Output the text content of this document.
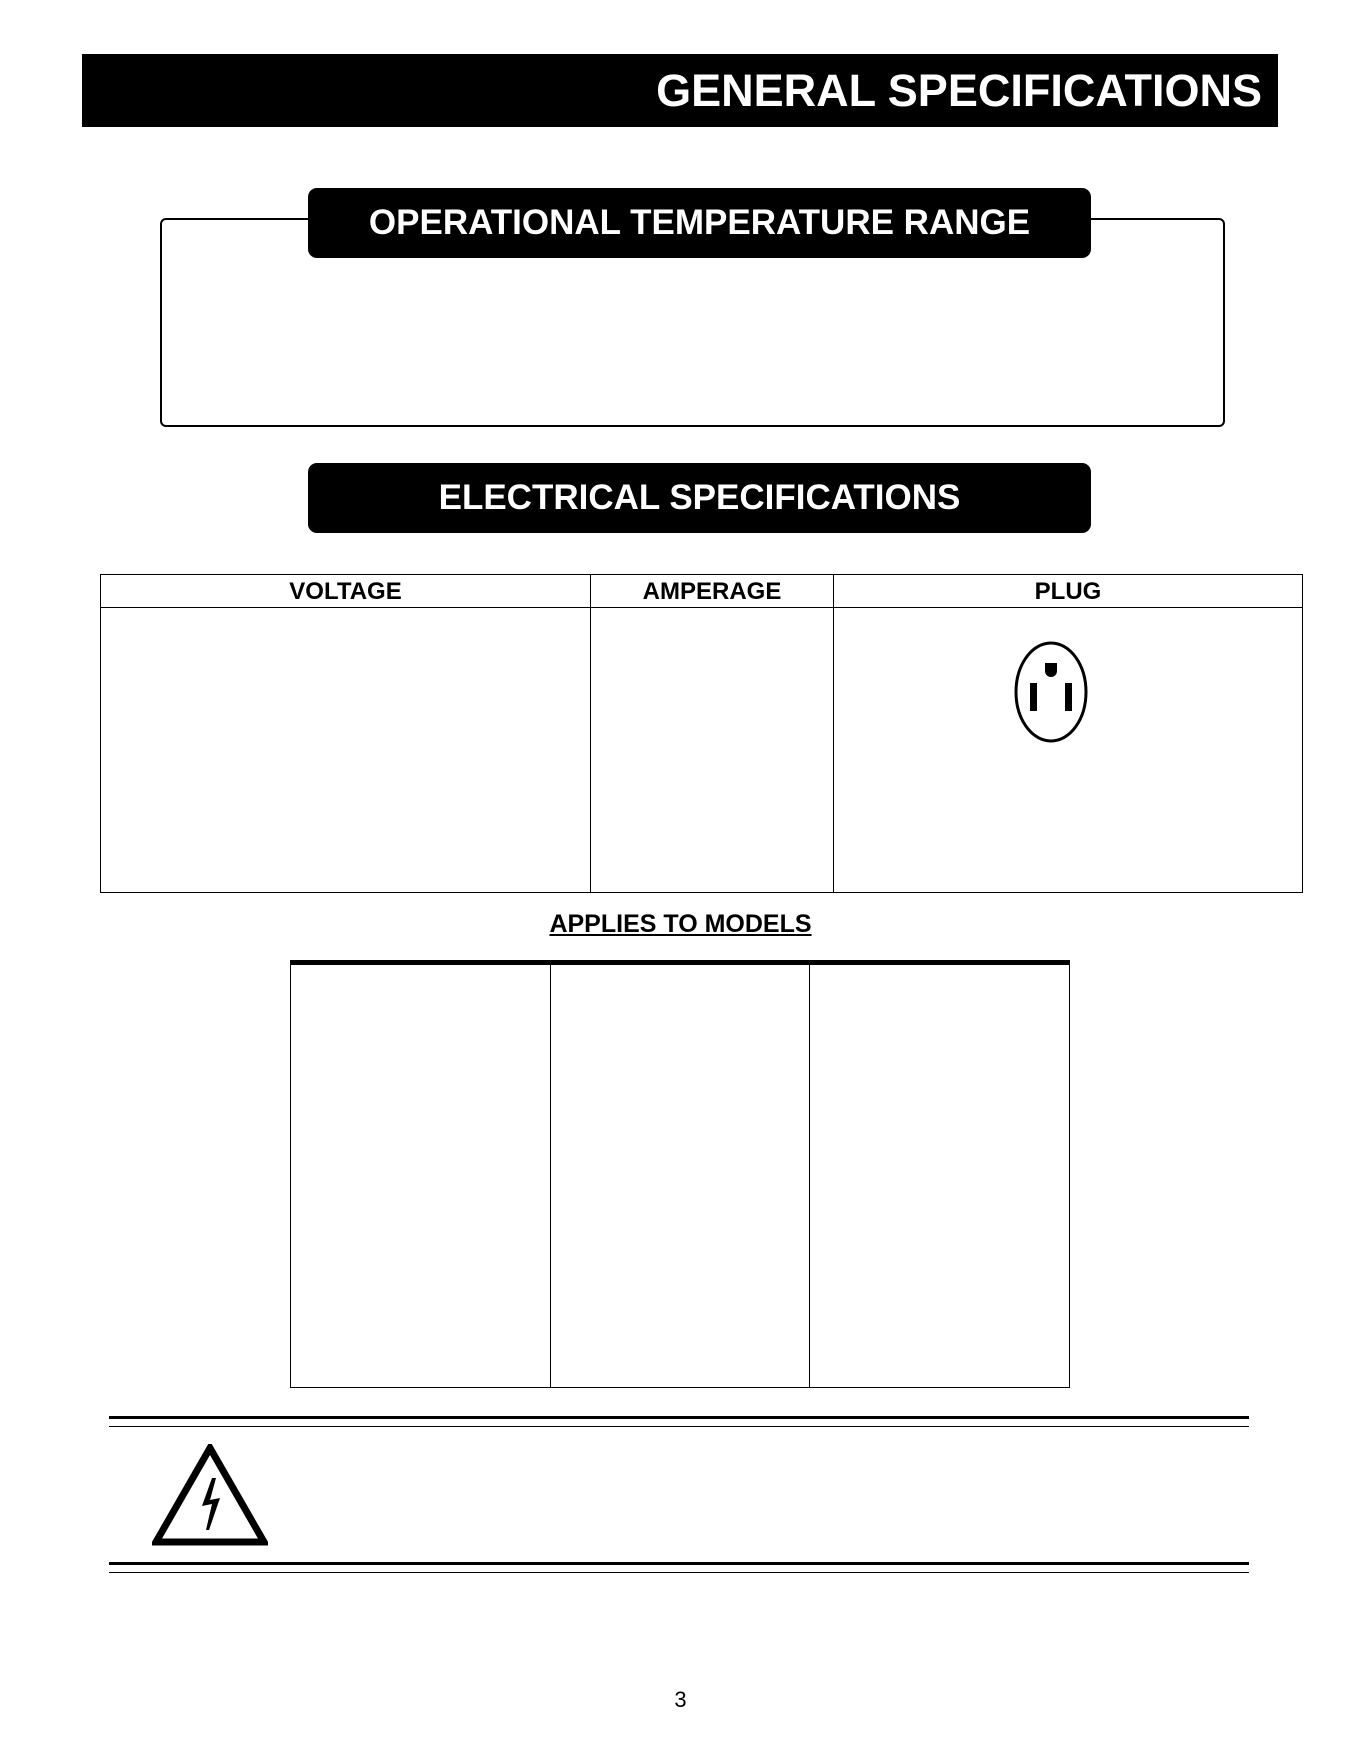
GENERAL SPECIFICATIONS
OPERATIONAL TEMPERATURE RANGE
ELECTRICAL SPECIFICATIONS
VOLTAGE	AMPERAGE	PLUG

APPLIES TO MODELS

3
